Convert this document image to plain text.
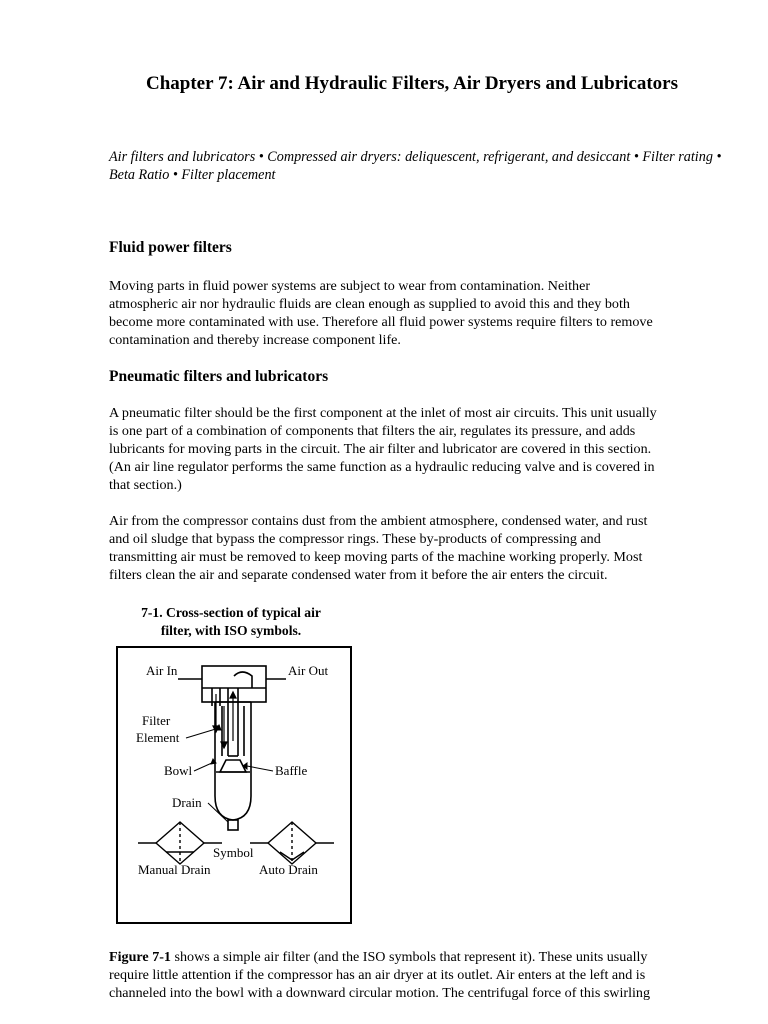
Chapter 7: Air and Hydraulic Filters, Air Dryers and Lubricators

Air filters and lubricators • Compressed air dryers: deliquescent, refrigerant, and desiccant • Filter rating • Beta Ratio • Filter placement

Fluid power filters

Moving parts in fluid power systems are subject to wear from contamination. Neither
atmospheric air nor hydraulic fluids are clean enough as supplied to avoid this and they both
become more contaminated with use. Therefore all fluid power systems require filters to remove
contamination and thereby increase component life.

Pneumatic filters and lubricators

A pneumatic filter should be the first component at the inlet of most air circuits. This unit usually
is one part of a combination of components that filters the air, regulates its pressure, and adds
lubricants for moving parts in the circuit. The air filter and lubricator are covered in this section.
(An air line regulator performs the same function as a hydraulic reducing valve and is covered in
that section.)

Air from the compressor contains dust from the ambient atmosphere, condensed water, and rust
and oil sludge that bypass the compressor rings. These by-products of compressing and
transmitting air must be removed to keep moving parts of the machine working properly. Most
filters clean the air and separate condensed water from it before the air enters the circuit.

7-1. Cross-section of typical air
filter, with ISO symbols.

Air In	Air Out
Filter
Element
Bowl	Baffle
Drain
Symbol
Manual Drain	Auto Drain

Figure 7-1 shows a simple air filter (and the ISO symbols that represent it). These units usually
require little attention if the compressor has an air dryer at its outlet. Air enters at the left and is
channeled into the bowl with a downward circular motion. The centrifugal force of this swirling
